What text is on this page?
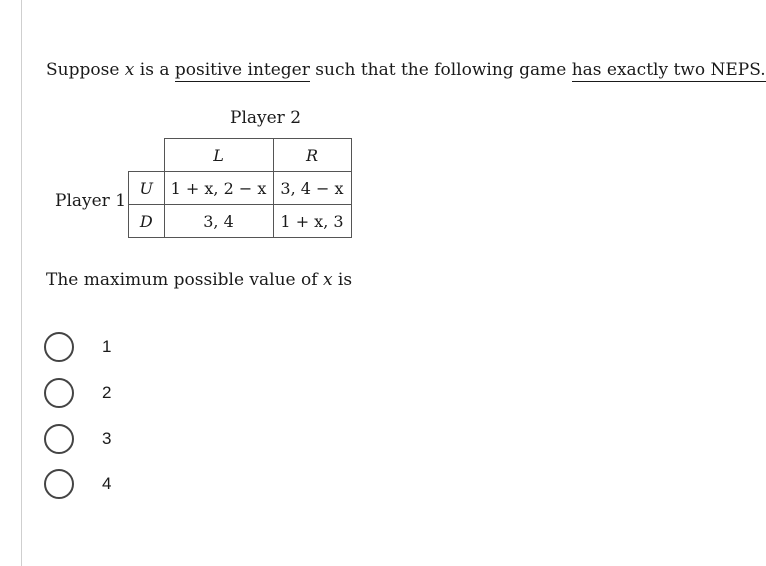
Suppose x is a positive integer such that the following game has exactly two NEPS.
Player 2
Player 1
	L	R
U	1 + x, 2 − x	3, 4 − x
D	3, 4	1 + x, 3
The maximum possible value of x is
1
2
3
4
